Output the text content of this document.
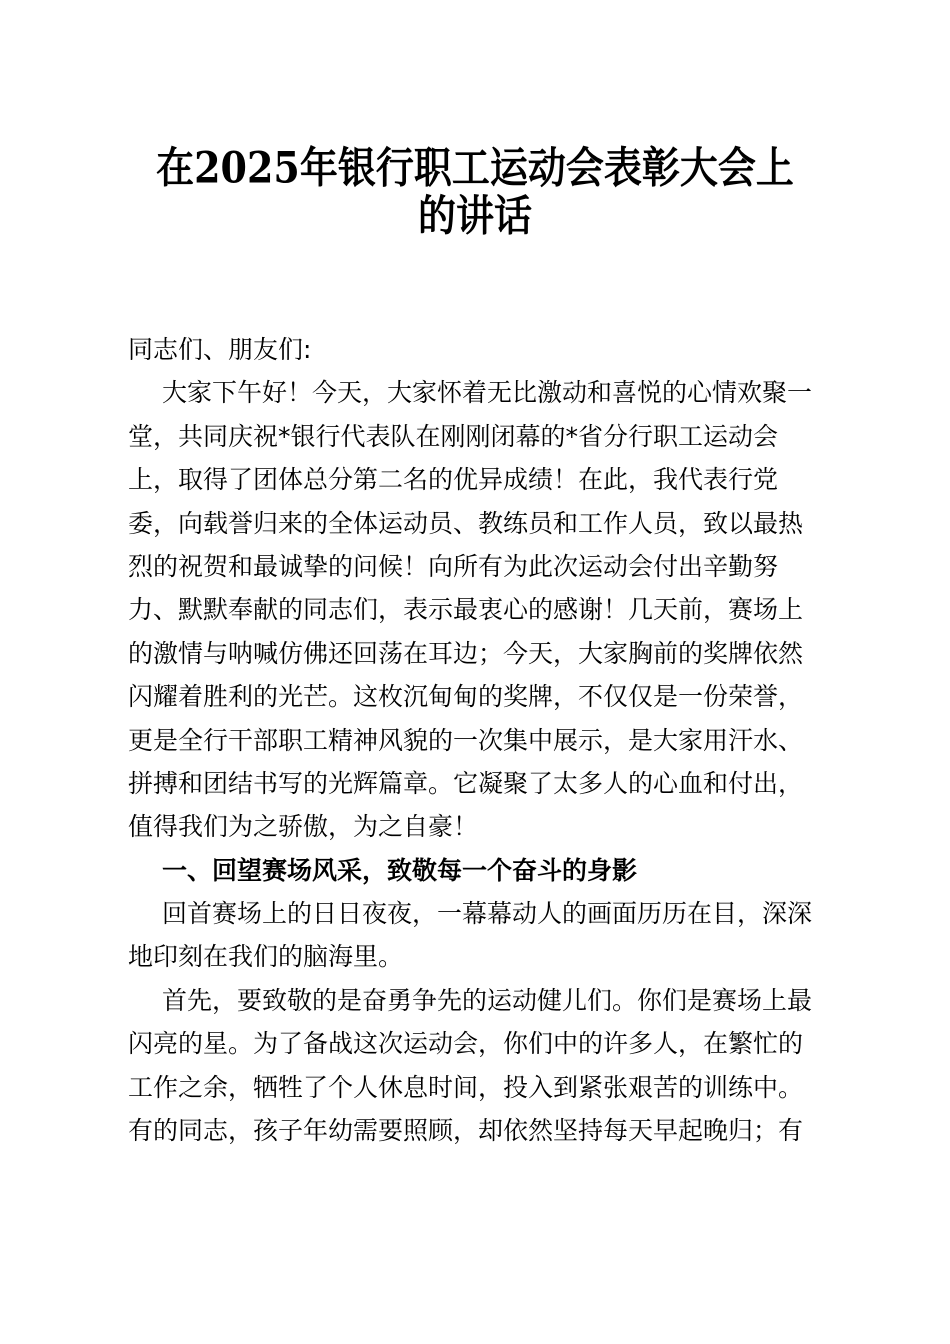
在2025年银行职工运动会表彰大会上
的讲话
同志们、朋友们:
大家下午好！今天，大家怀着无比激动和喜悦的心情欢聚一
堂，共同庆祝*银行代表队在刚刚闭幕的*省分行职工运动会
上，取得了团体总分第二名的优异成绩！在此，我代表行党
委，向载誉归来的全体运动员、教练员和工作人员，致以最热
烈的祝贺和最诚挚的问候！向所有为此次运动会付出辛勤努
力、默默奉献的同志们，表示最衷心的感谢！几天前，赛场上
的激情与呐喊仿佛还回荡在耳边；今天，大家胸前的奖牌依然
闪耀着胜利的光芒。这枚沉甸甸的奖牌，不仅仅是一份荣誉，
更是全行干部职工精神风貌的一次集中展示，是大家用汗水、
拼搏和团结书写的光辉篇章。它凝聚了太多人的心血和付出，
值得我们为之骄傲，为之自豪！
一、回望赛场风采，致敬每一个奋斗的身影
回首赛场上的日日夜夜，一幕幕动人的画面历历在目，深深
地印刻在我们的脑海里。
首先，要致敬的是奋勇争先的运动健儿们。你们是赛场上最
闪亮的星。为了备战这次运动会，你们中的许多人，在繁忙的
工作之余，牺牲了个人休息时间，投入到紧张艰苦的训练中。
有的同志，孩子年幼需要照顾，却依然坚持每天早起晚归；有
